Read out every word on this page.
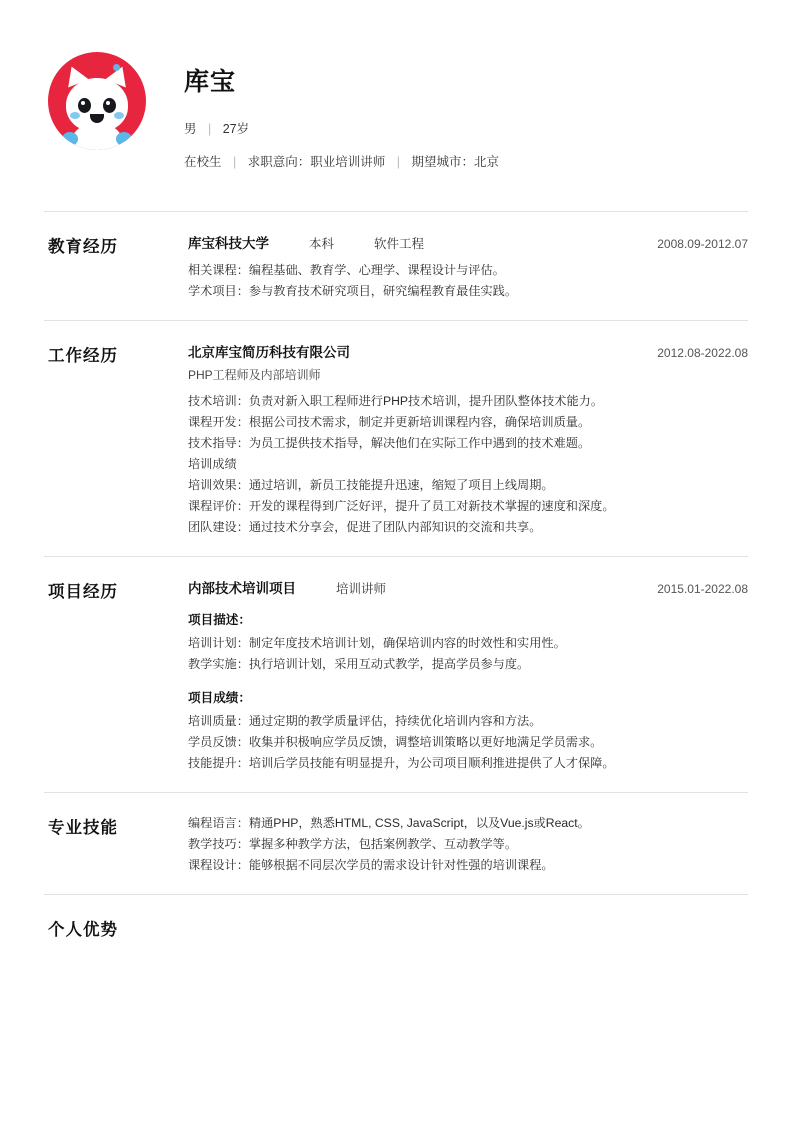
库宝
男 | 27岁
在校生 | 求职意向：职业培训讲师 | 期望城市：北京
教育经历	库宝科技大学	本科	软件工程	2008.09-2012.07
相关课程：编程基础、教育学、心理学、课程设计与评估。
学术项目：参与教育技术研究项目，研究编程教育最佳实践。
工作经历	北京库宝简历科技有限公司	2012.08-2022.08
PHP工程师及内部培训师
技术培训：负责对新入职工程师进行PHP技术培训，提升团队整体技术能力。
课程开发：根据公司技术需求，制定并更新培训课程内容，确保培训质量。
技术指导：为员工提供技术指导，解决他们在实际工作中遇到的技术难题。
培训成绩
培训效果：通过培训，新员工技能提升迅速，缩短了项目上线周期。
课程评价：开发的课程得到广泛好评，提升了员工对新技术掌握的速度和深度。
团队建设：通过技术分享会，促进了团队内部知识的交流和共享。
项目经历	内部技术培训项目	培训讲师	2015.01-2022.08
项目描述：
培训计划：制定年度技术培训计划，确保培训内容的时效性和实用性。
教学实施：执行培训计划，采用互动式教学，提高学员参与度。
项目成绩：
培训质量：通过定期的教学质量评估，持续优化培训内容和方法。
学员反馈：收集并积极响应学员反馈，调整培训策略以更好地满足学员需求。
技能提升：培训后学员技能有明显提升，为公司项目顺利推进提供了人才保障。
专业技能	编程语言：精通PHP，熟悉HTML, CSS, JavaScript，以及Vue.js或React。
教学技巧：掌握多种教学方法，包括案例教学、互动教学等。
课程设计：能够根据不同层次学员的需求设计针对性强的培训课程。
个人优势
